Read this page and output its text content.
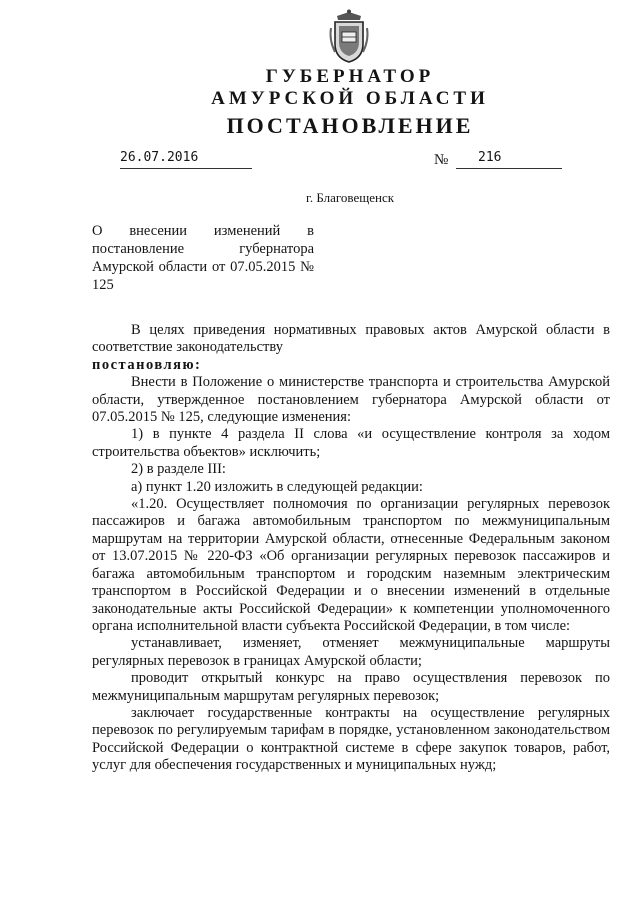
ГУБЕРНАТОР
АМУРСКОЙ ОБЛАСТИ
ПОСТАНОВЛЕНИЕ
26.07.2016	№ 216
г. Благовещенск
О внесении изменений в постановление губернатора Амурской области от 07.05.2015 № 125

В целях приведения нормативных правовых актов Амурской области в соответствие законодательству

постановляю:

Внести в Положение о министерстве транспорта и строительства Амурской области, утвержденное постановлением губернатора Амурской области от 07.05.2015 № 125, следующие изменения:

1) в пункте 4 раздела II слова «и осуществление контроля за ходом строительства объектов» исключить;

2) в разделе III:

а) пункт 1.20 изложить в следующей редакции:

«1.20. Осуществляет полномочия по организации регулярных перевозок пассажиров и багажа автомобильным транспортом по межмуниципальным маршрутам на территории Амурской области, отнесенные Федеральным законом от 13.07.2015 № 220-ФЗ «Об организации регулярных перевозок пассажиров и багажа автомобильным транспортом и городским наземным электрическим транспортом в Российской Федерации и о внесении изменений в отдельные законодательные акты Российской Федерации» к компетенции уполномоченного органа исполнительной власти субъекта Российской Федерации, в том числе:

устанавливает, изменяет, отменяет межмуниципальные маршруты регулярных перевозок в границах Амурской области;

проводит открытый конкурс на право осуществления перевозок по межмуниципальным маршрутам регулярных перевозок;

заключает государственные контракты на осуществление регулярных перевозок по регулируемым тарифам в порядке, установленном законодательством Российской Федерации о контрактной системе в сфере закупок товаров, работ, услуг для обеспечения государственных и муниципальных нужд;
